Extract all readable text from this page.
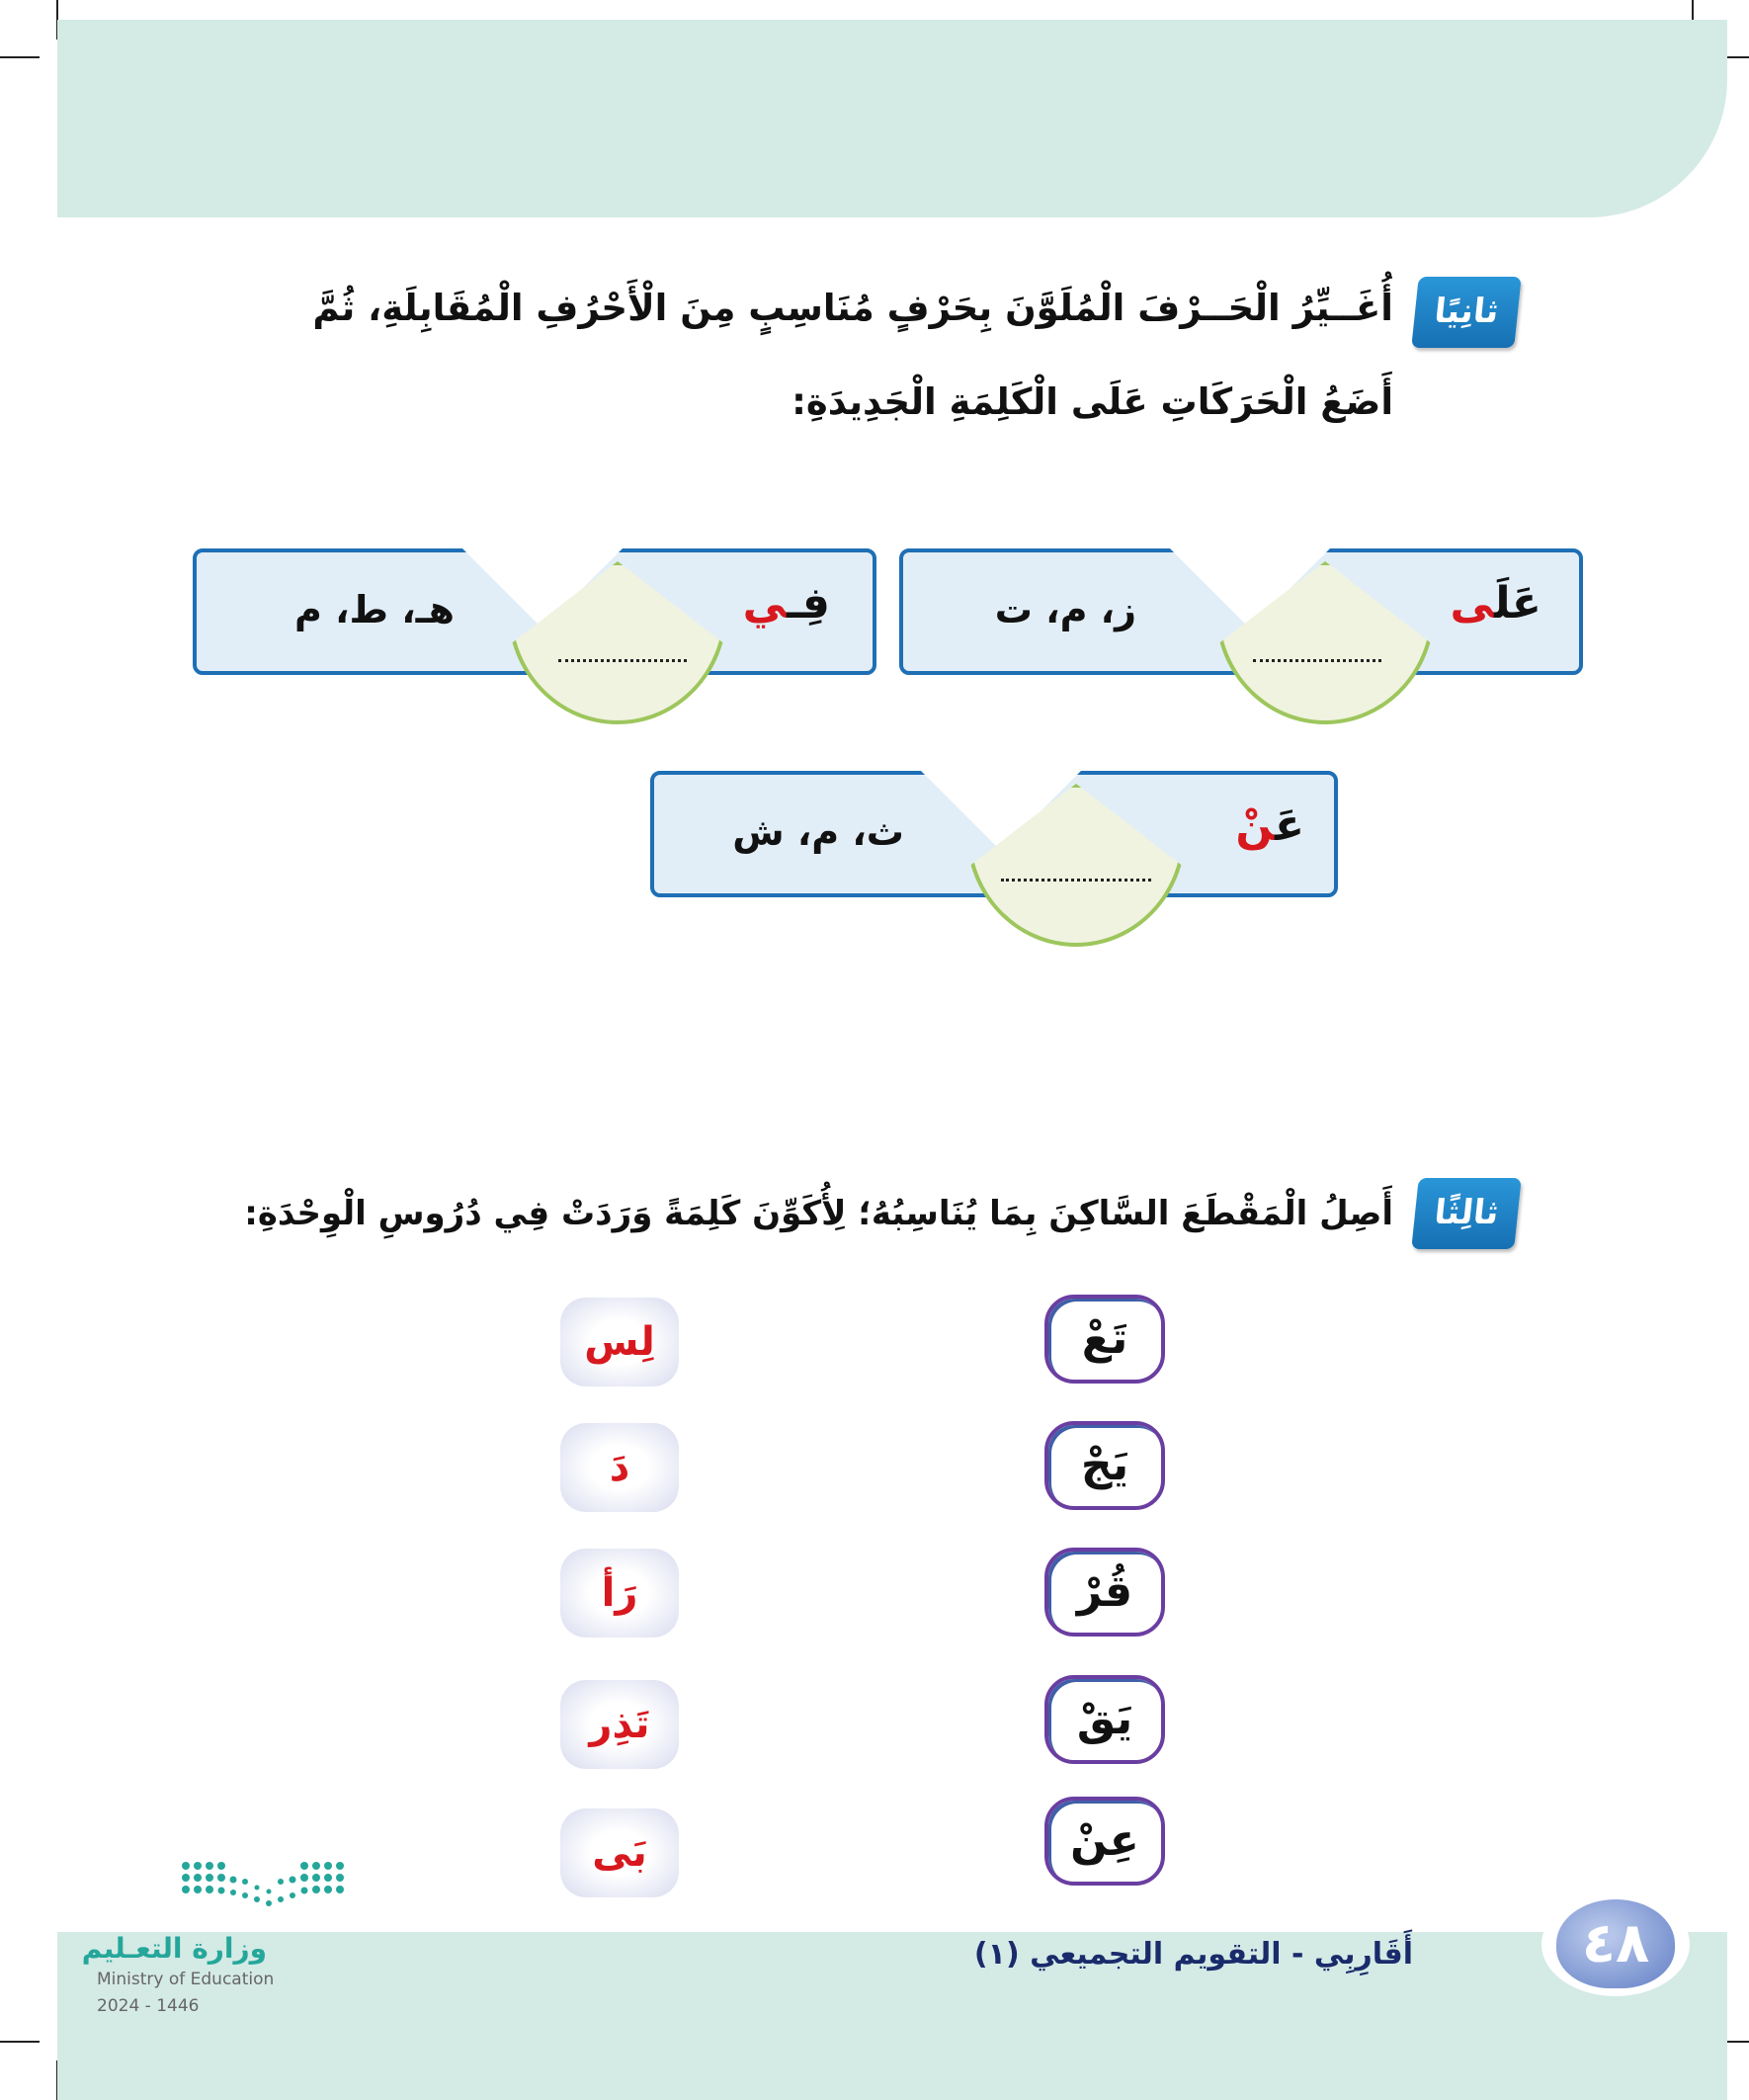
ثانِيًا
أُغَــيِّرُ الْحَــرْفَ الْمُلَوَّنَ بِحَرْفٍ مُنَاسِبٍ مِنَ الْأَحْرُفِ الْمُقَابِلَةِ، ثُمَّ
أَضَعُ الْحَرَكَاتِ عَلَى الْكَلِمَةِ الْجَدِيدَةِ:
عَلَى
ز، م، ت
فِـي
هـ، ط، م
عَنْ
ث، م، ش
ثالِثًا
أَصِلُ الْمَقْطَعَ السَّاكِنَ بِمَا يُنَاسِبُهُ؛ لِأُكَوِّنَ كَلِمَةً وَرَدَتْ فِي دُرُوسِ الْوِحْدَةِ:
تَعْ
يَجْ
قُرْ
يَقْ
عِنْ
لِس
دَ
رَأ
تَذِر
بَى
٤٨
أَقَارِبِي - التقويم التجميعي (١)
وزارة التعـليم
Ministry of Education
2024 - 1446
